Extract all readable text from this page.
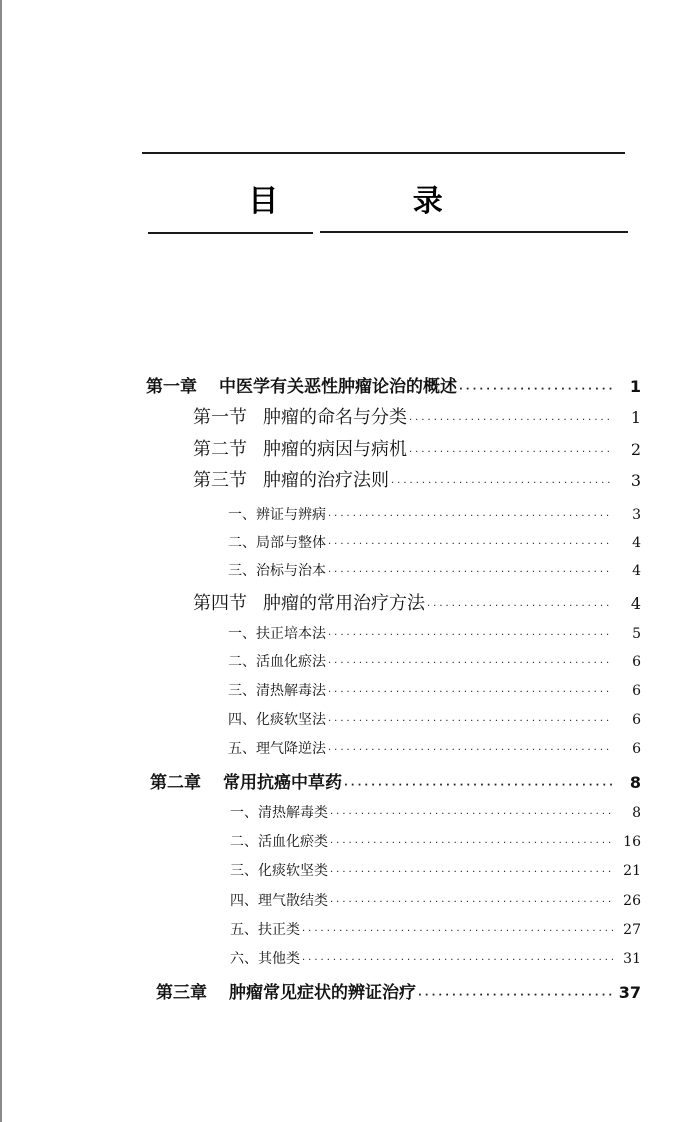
目 录
第一章 中医学有关恶性肿瘤论治的概述 ·····	1
第一节 肿瘤的命名与分类 ·····	1
第二节 肿瘤的病因与病机 ·····	2
第三节 肿瘤的治疗法则 ·····	3
一、辨证与辨病 ·····	3
二、局部与整体 ·····	4
三、治标与治本 ·····	4
第四节 肿瘤的常用治疗方法 ·····	4
一、扶正培本法 ·····	5
二、活血化瘀法 ·····	6
三、清热解毒法 ·····	6
四、化痰软坚法 ·····	6
五、理气降逆法 ·····	6
第二章 常用抗癌中草药 ·····	8
一、清热解毒类 ·····	8
二、活血化瘀类 ·····	16
三、化痰软坚类 ·····	21
四、理气散结类 ·····	26
五、扶正类 ·····	27
六、其他类 ·····	31
第三章 肿瘤常见症状的辨证治疗 ·····	37
